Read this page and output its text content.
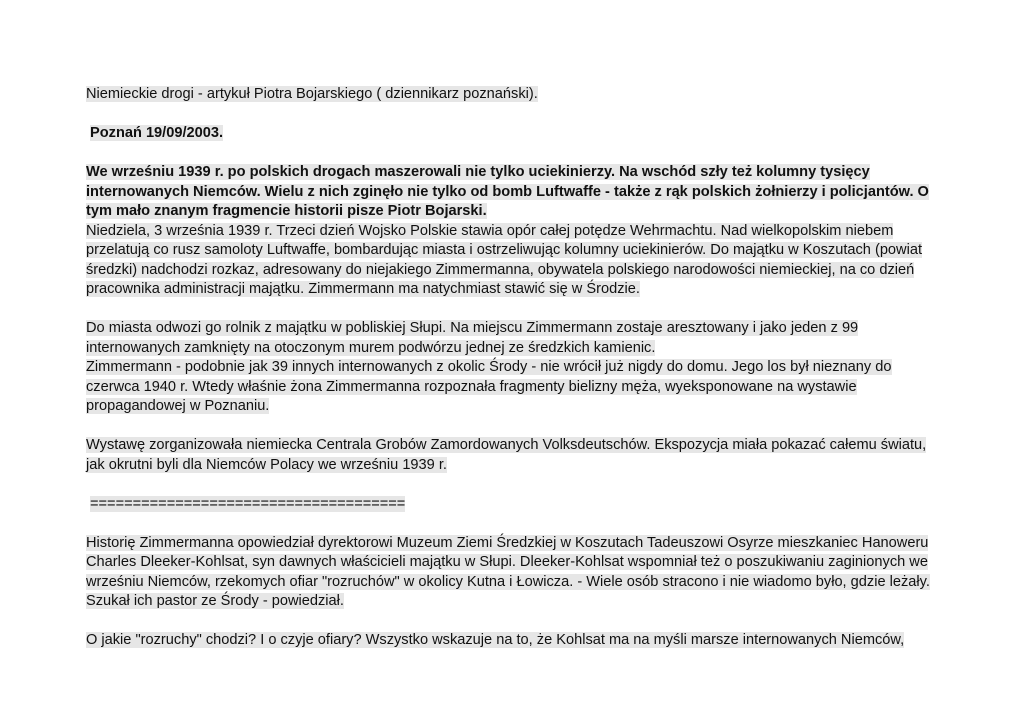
Niemieckie drogi - artykuł Piotra Bojarskiego ( dziennikarz poznański).

Poznań 19/09/2003.

We wrześniu 1939 r. po polskich drogach maszerowali nie tylko uciekinierzy. Na wschód szły też kolumny tysięcy

internowanych Niemców. Wielu z nich zginęło nie tylko od bomb Luftwaffe - także z rąk polskich żołnierzy i policjantów. O

tym mało znanym fragmencie historii pisze Piotr Bojarski.

Niedziela, 3 września 1939 r. Trzeci dzień Wojsko Polskie stawia opór całej potędze Wehrmachtu. Nad wielkopolskim niebem

przelatują co rusz samoloty Luftwaffe, bombardując miasta i ostrzeliwując kolumny uciekinierów. Do majątku w Koszutach (powiat

średzki) nadchodzi rozkaz, adresowany do niejakiego Zimmermanna, obywatela polskiego narodowości niemieckiej, na co dzień

pracownika administracji majątku. Zimmermann ma natychmiast stawić się w Środzie.

Do miasta odwozi go rolnik z majątku w pobliskiej Słupi. Na miejscu Zimmermann zostaje aresztowany i jako jeden z 99

internowanych zamknięty na otoczonym murem podwórzu jednej ze średzkich kamienic.

Zimmermann - podobnie jak 39 innych internowanych z okolic Środy - nie wrócił już nigdy do domu. Jego los był nieznany do

czerwca 1940 r. Wtedy właśnie żona Zimmermanna rozpoznała fragmenty bielizny męża, wyeksponowane na wystawie

propagandowej w Poznaniu.

Wystawę zorganizowała niemiecka Centrala Grobów Zamordowanych Volksdeutschów. Ekspozycja miała pokazać całemu światu,

jak okrutni byli dla Niemców Polacy we wrześniu 1939 r.

=====================================

Historię Zimmermanna opowiedział dyrektorowi Muzeum Ziemi Średzkiej w Koszutach Tadeuszowi Osyrze mieszkaniec Hanoweru

Charles Dleeker-Kohlsat, syn dawnych właścicieli majątku w Słupi. Dleeker-Kohlsat wspomniał też o poszukiwaniu zaginionych we

wrześniu Niemców, rzekomych ofiar "rozruchów" w okolicy Kutna i Łowicza. - Wiele osób stracono i nie wiadomo było, gdzie leżały.

Szukał ich pastor ze Środy - powiedział.

O jakie "rozruchy" chodzi? I o czyje ofiary? Wszystko wskazuje na to, że Kohlsat ma na myśli marsze internowanych Niemców,
